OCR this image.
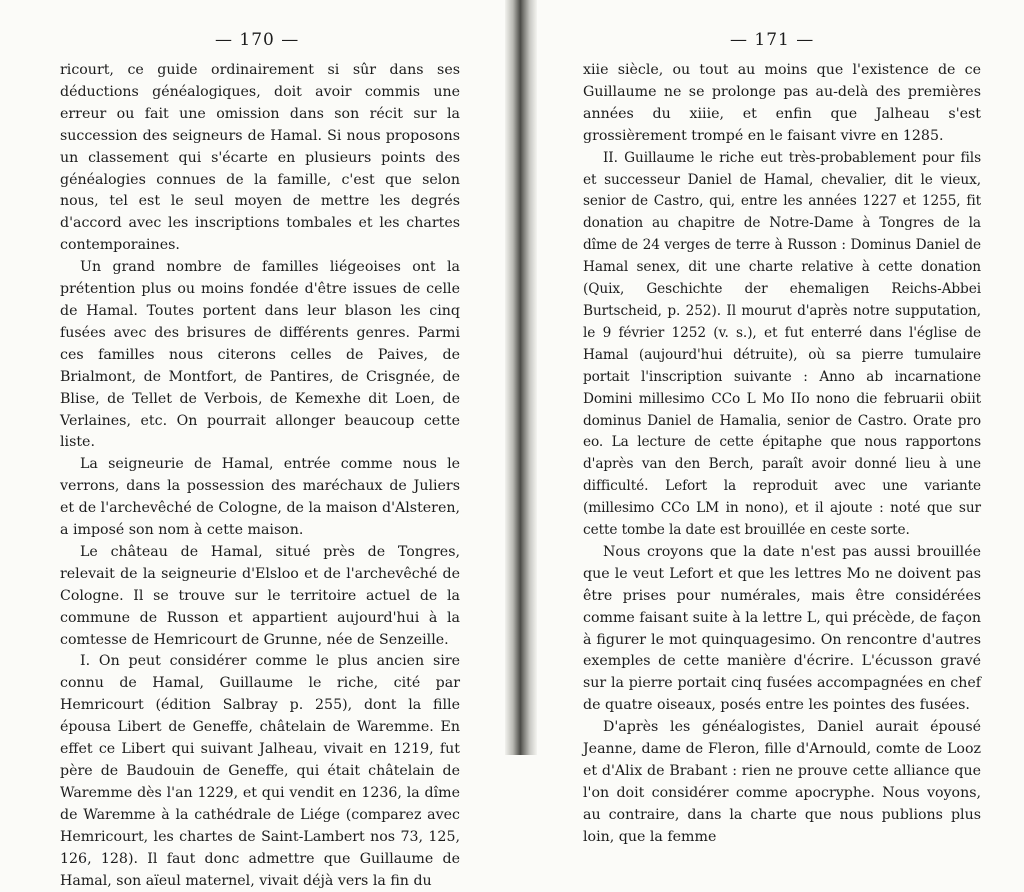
— 170 —

ricourt, ce guide ordinairement si sûr dans ses déductions généalogiques, doit avoir commis une erreur ou fait une omission dans son récit sur la succession des seigneurs de Hamal. Si nous proposons un classement qui s'écarte en plusieurs points des généalogies connues de la famille, c'est que selon nous, tel est le seul moyen de mettre les degrés d'accord avec les inscriptions tombales et les chartes contemporaines.

Un grand nombre de familles liégeoises ont la prétention plus ou moins fondée d'être issues de celle de Hamal. Toutes portent dans leur blason les cinq fusées avec des brisures de différents genres. Parmi ces familles nous citerons celles de Paives, de Brialmont, de Montfort, de Pantires, de Crisgnée, de Blise, de Tellet de Verbois, de Kemexhe dit Loen, de Verlaines, etc. On pourrait allonger beaucoup cette liste.

La seigneurie de Hamal, entrée comme nous le verrons, dans la possession des maréchaux de Juliers et de l'archevêché de Cologne, de la maison d'Alsteren, a imposé son nom à cette maison.

Le château de Hamal, situé près de Tongres, relevait de la seigneurie d'Elsloo et de l'archevêché de Cologne. Il se trouve sur le territoire actuel de la commune de Russon et appartient aujourd'hui à la comtesse de Hemricourt de Grunne, née de Senzeille.

I. On peut considérer comme le plus ancien sire connu de Hamal, Guillaume le riche, cité par Hemricourt (édition Salbray p. 255), dont la fille épousa Libert de Geneffe, châtelain de Waremme. En effet ce Libert qui suivant Jalheau, vivait en 1219, fut père de Baudouin de Geneffe, qui était châtelain de Waremme dès l'an 1229, et qui vendit en 1236, la dîme de Waremme à la cathédrale de Liége (comparez avec Hemricourt, les chartes de Saint-Lambert nos 73, 125, 126, 128). Il faut donc admettre que Guillaume de Hamal, son aïeul maternel, vivait déjà vers la fin du

— 171 —

xiie siècle, ou tout au moins que l'existence de ce Guillaume ne se prolonge pas au-delà des premières années du xiiie, et enfin que Jalheau s'est grossièrement trompé en le faisant vivre en 1285.

II. Guillaume le riche eut très-probablement pour fils et successeur Daniel de Hamal, chevalier, dit le vieux, senior de Castro, qui, entre les années 1227 et 1255, fit donation au chapitre de Notre-Dame à Tongres de la dîme de 24 verges de terre à Russon : Dominus Daniel de Hamal senex, dit une charte relative à cette donation (Quix, Geschichte der ehemaligen Reichs-Abbei Burtscheid, p. 252). Il mourut d'après notre supputation, le 9 février 1252 (v. s.), et fut enterré dans l'église de Hamal (aujourd'hui détruite), où sa pierre tumulaire portait l'inscription suivante : Anno ab incarnatione Domini millesimo CCo L Mo IIo nono die februarii obiit dominus Daniel de Hamalia, senior de Castro. Orate pro eo. La lecture de cette épitaphe que nous rapportons d'après van den Berch, paraît avoir donné lieu à une difficulté. Lefort la reproduit avec une variante (millesimo CCo LM in nono), et il ajoute : noté que sur cette tombe la date est brouillée en ceste sorte.

Nous croyons que la date n'est pas aussi brouillée que le veut Lefort et que les lettres Mo ne doivent pas être prises pour numérales, mais être considérées comme faisant suite à la lettre L, qui précède, de façon à figurer le mot quinquagesimo. On rencontre d'autres exemples de cette manière d'écrire. L'écusson gravé sur la pierre portait cinq fusées accompagnées en chef de quatre oiseaux, posés entre les pointes des fusées.

D'après les généalogistes, Daniel aurait épousé Jeanne, dame de Fleron, fille d'Arnould, comte de Looz et d'Alix de Brabant : rien ne prouve cette alliance que l'on doit considérer comme apocryphe. Nous voyons, au contraire, dans la charte que nous publions plus loin, que la femme
